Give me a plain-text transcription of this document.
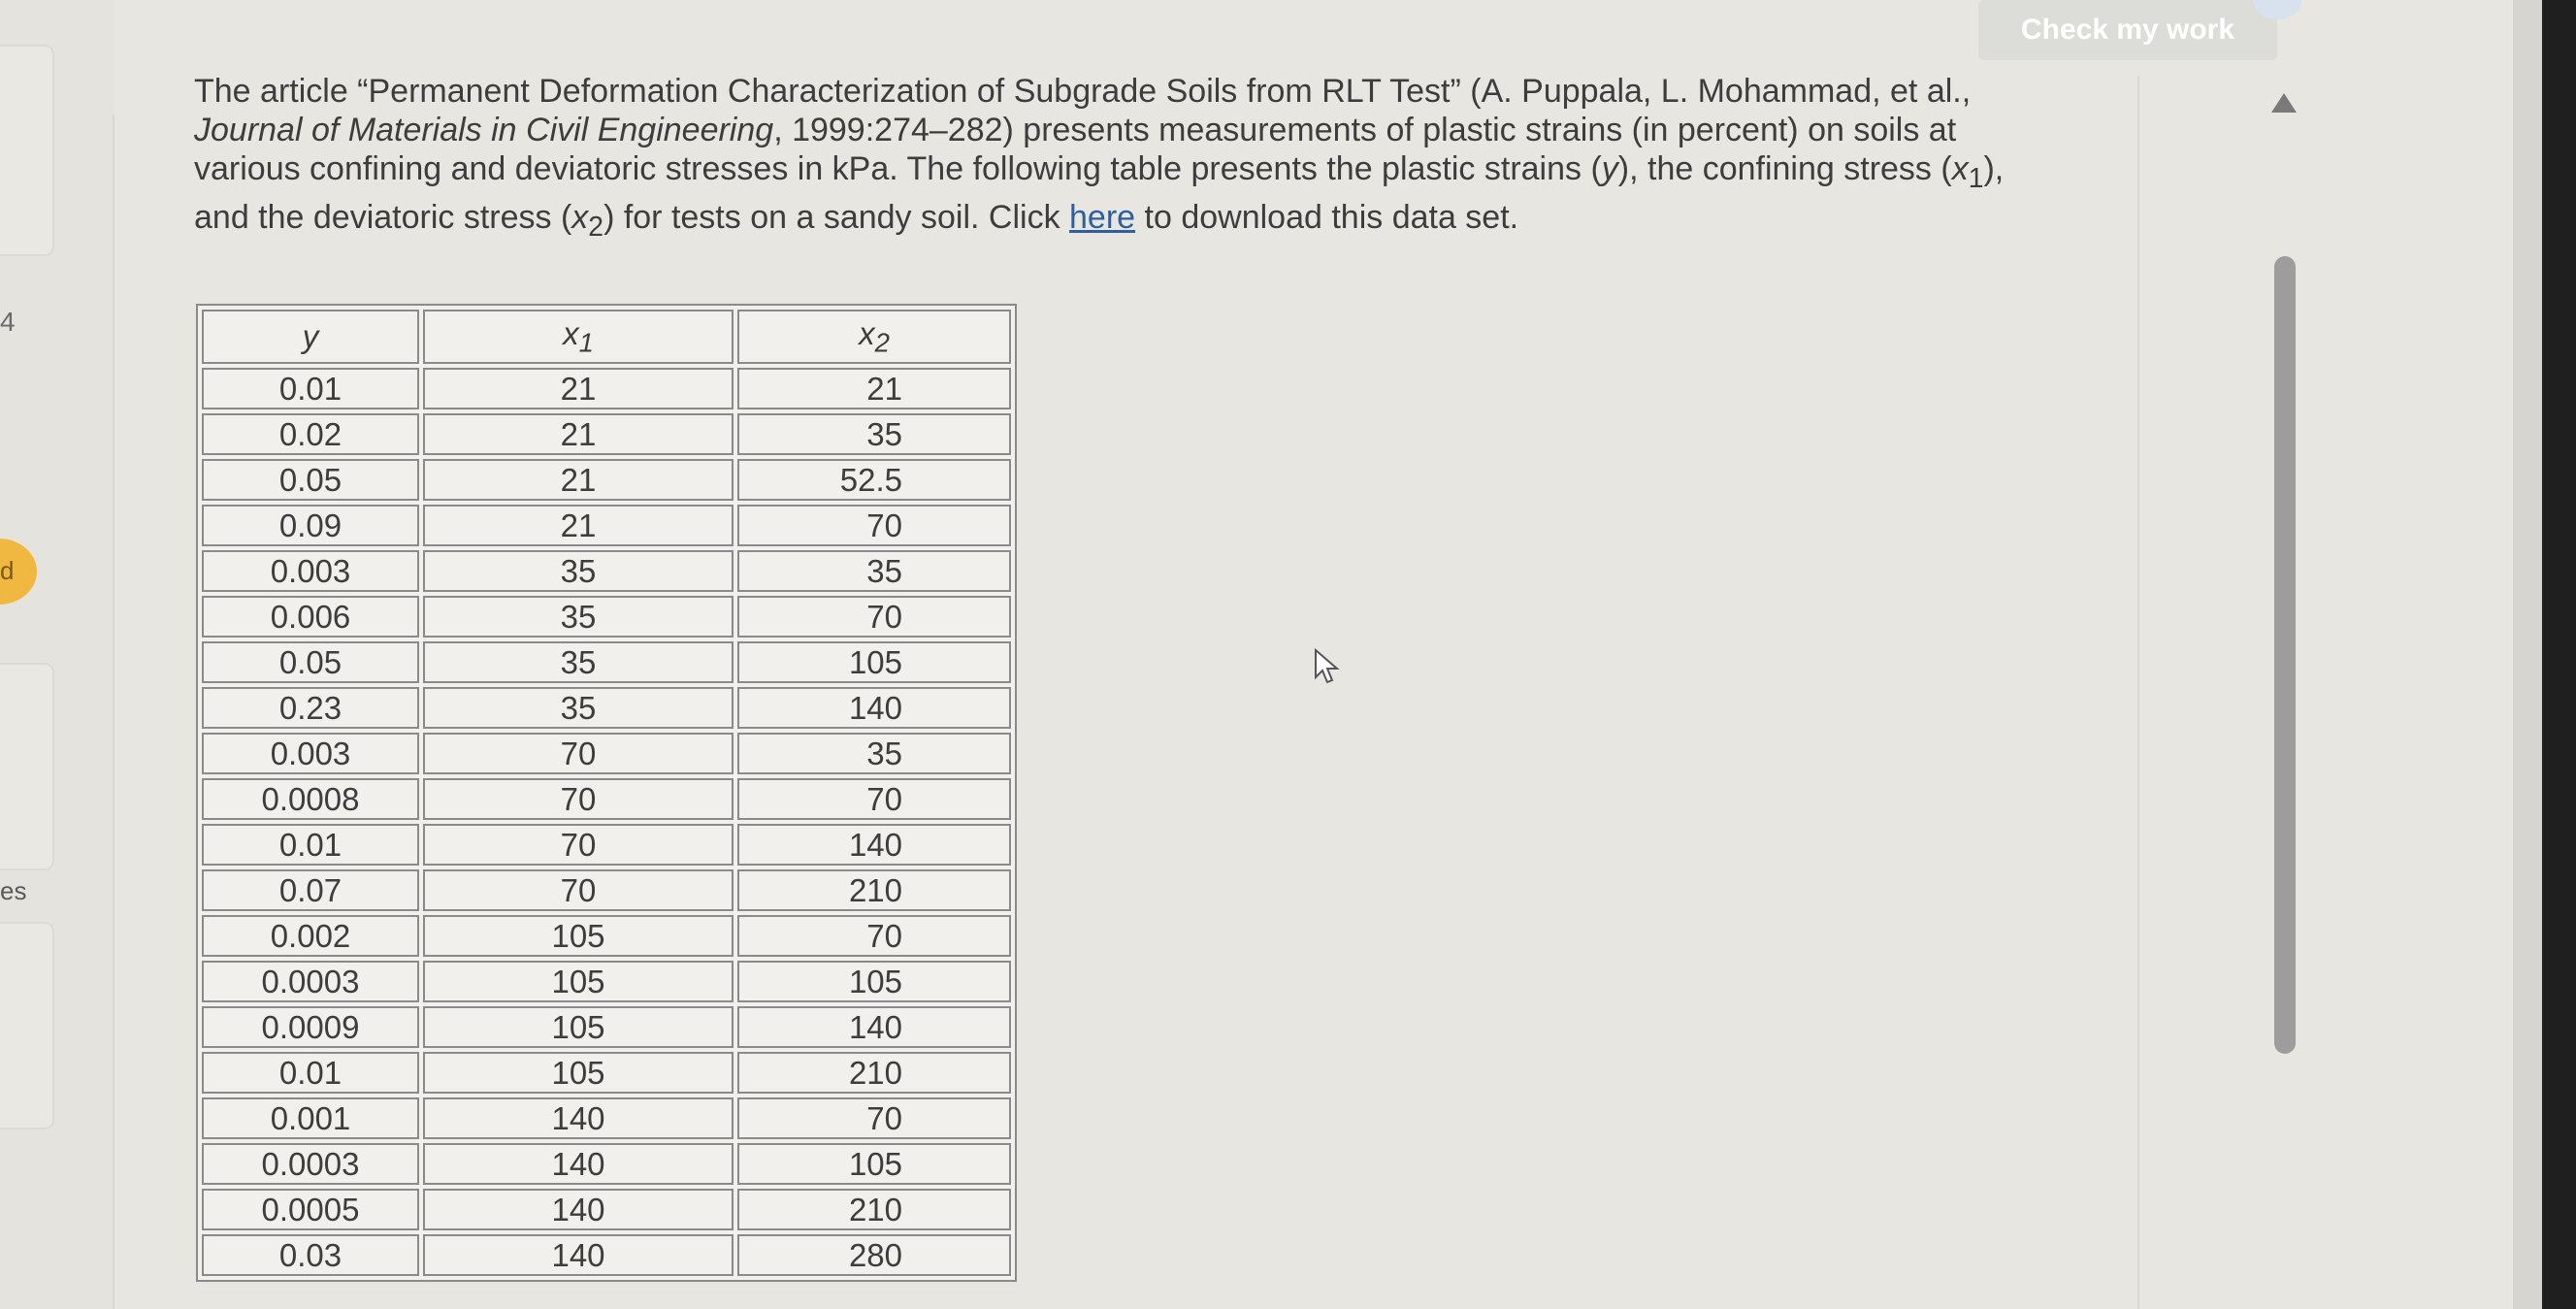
4
d
es
Check my work
The article “Permanent Deformation Characterization of Subgrade Soils from RLT Test” (A. Puppala, L. Mohammad, et al., Journal of Materials in Civil Engineering, 1999:274–282) presents measurements of plastic strains (in percent) on soils at various confining and deviatoric stresses in kPa. The following table presents the plastic strains (y), the confining stress $(x_1)$, and the deviatoric stress $(x_2)$ for tests on a sandy soil. Click here to download this data set.
y	$x_1$	$x_2$
0.01	21	21
0.02	21	35
0.05	21	52.5
0.09	21	70
0.003	35	35
0.006	35	70
0.05	35	105
0.23	35	140
0.003	70	35
0.0008	70	70
0.01	70	140
0.07	70	210
0.002	105	70
0.0003	105	105
0.0009	105	140
0.01	105	210
0.001	140	70
0.0003	140	105
0.0005	140	210
0.03	140	280
